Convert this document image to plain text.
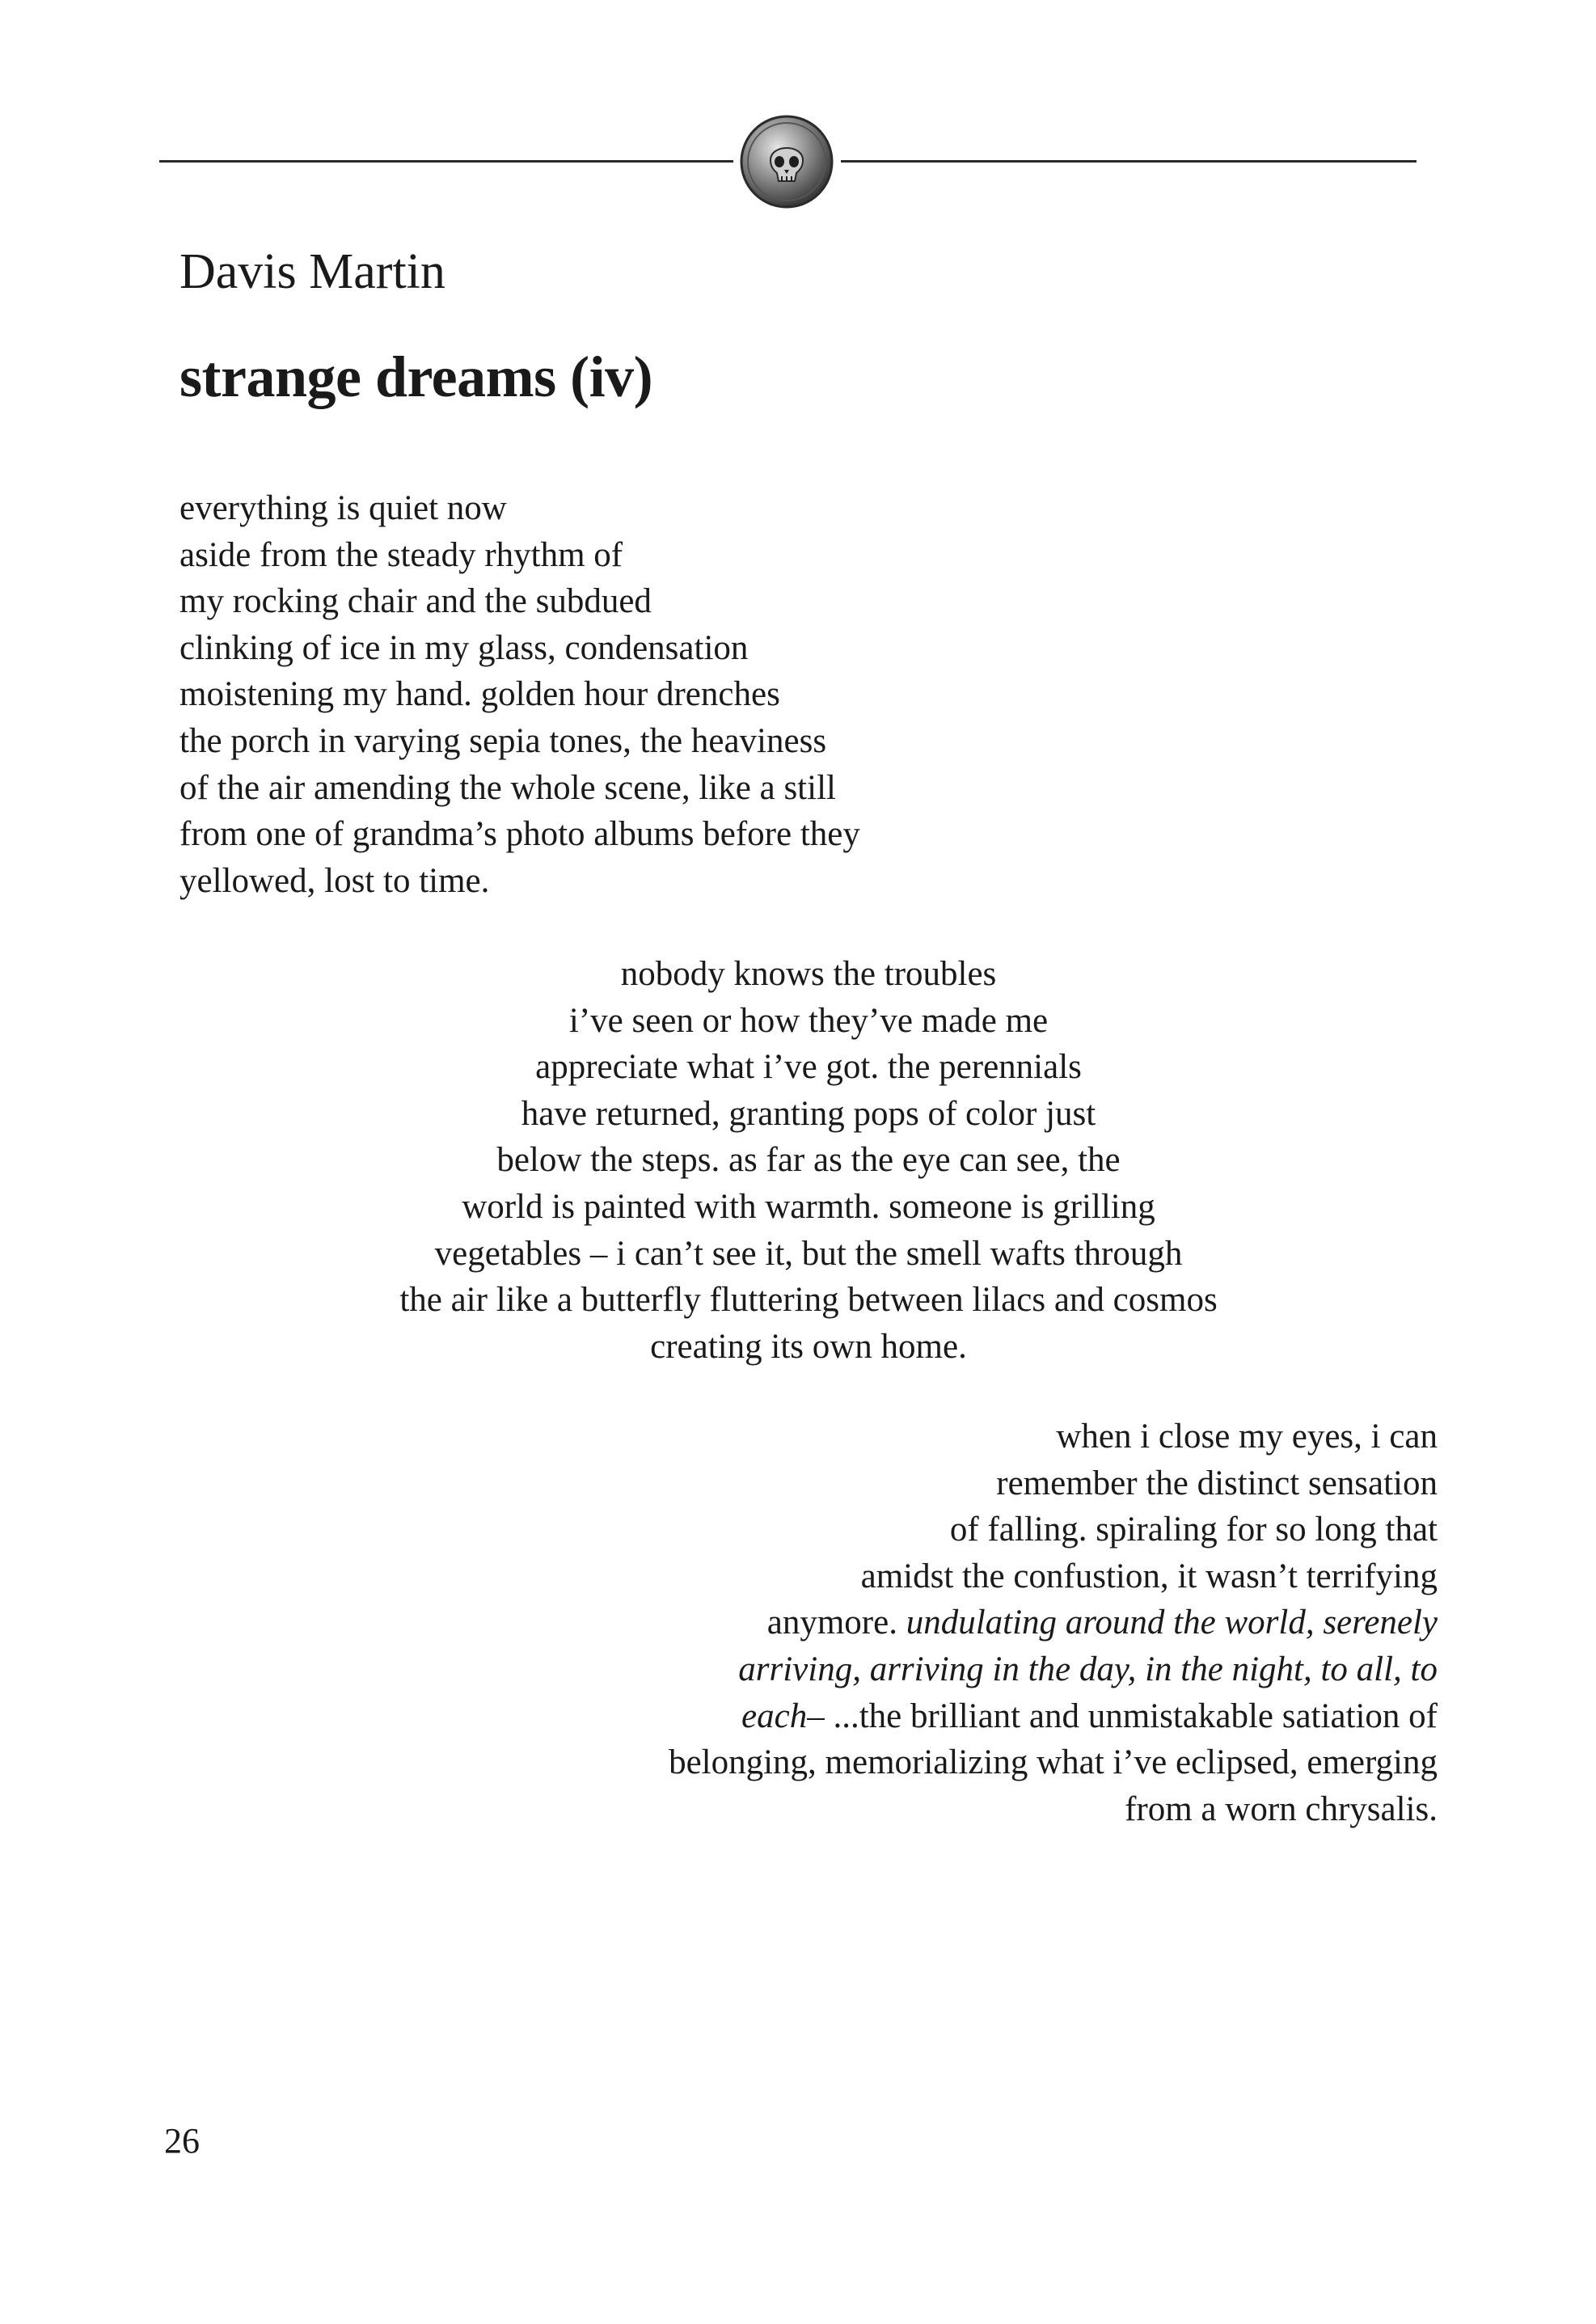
Davis Martin
strange dreams (iv)
everything is quiet now
aside from the steady rhythm of
my rocking chair and the subdued
clinking of ice in my glass, condensation
moistening my hand. golden hour drenches
the porch in varying sepia tones, the heaviness
of the air amending the whole scene, like a still
from one of grandma’s photo albums before they
yellowed, lost to time.
nobody knows the troubles
i’ve seen or how they’ve made me
appreciate what i’ve got. the perennials
have returned, granting pops of color just
below the steps. as far as the eye can see, the
world is painted with warmth. someone is grilling
vegetables – i can’t see it, but the smell wafts through
the air like a butterfly fluttering between lilacs and cosmos
creating its own home.
when i close my eyes, i can
remember the distinct sensation
of falling. spiraling for so long that
amidst the confustion, it wasn’t terrifying
anymore. undulating around the world, serenely
arriving, arriving in the day, in the night, to all, to
each– ...the brilliant and unmistakable satiation of
belonging, memorializing what i’ve eclipsed, emerging
from a worn chrysalis.
26
